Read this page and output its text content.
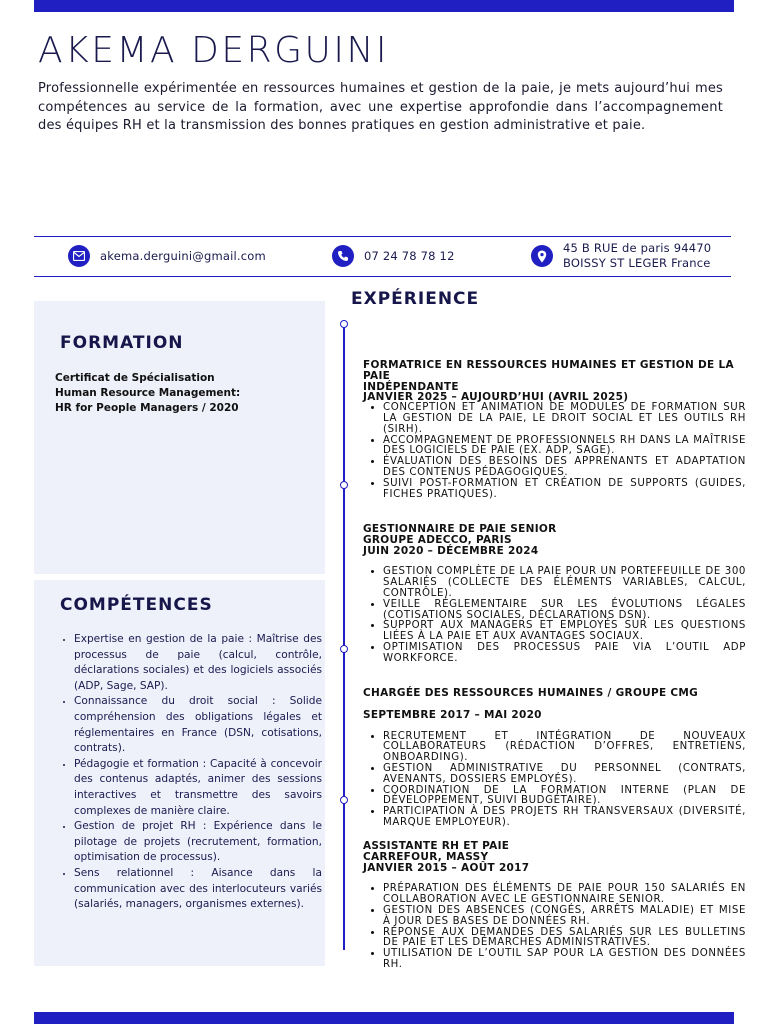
AKEMA DERGUINI

Professionnelle expérimentée en ressources humaines et gestion de la paie, je mets aujourd’hui mes compétences au service de la formation, avec une expertise approfondie dans l’accompagnement des équipes RH et la transmission des bonnes pratiques en gestion administrative et paie.

akema.derguini@gmail.com	07 24 78 78 12
45 B RUE de paris 94470
BOISSY ST LEGER France
FORMATION
Certificat de Spécialisation
Human Resource Management:
HR for People Managers / 2020
COMPÉTENCES
• Expertise en gestion de la paie : Maîtrise des processus de paie (calcul, contrôle, déclarations sociales) et des logiciels associés (ADP, Sage, SAP).
• Connaissance du droit social : Solide compréhension des obligations légales et réglementaires en France (DSN, cotisations, contrats).
• Pédagogie et formation : Capacité à concevoir des contenus adaptés, animer des sessions interactives et transmettre des savoirs complexes de manière claire.
• Gestion de projet RH : Expérience dans le pilotage de projets (recrutement, formation, optimisation de processus).
• Sens relationnel : Aisance dans la communication avec des interlocuteurs variés (salariés, managers, organismes externes).
EXPÉRIENCE
FORMATRICE EN RESSOURCES HUMAINES ET GESTION DE LA PAIE
INDÉPENDANTE
JANVIER 2025 – AUJOURD’HUI (AVRIL 2025)
• CONCEPTION ET ANIMATION DE MODULES DE FORMATION SUR LA GESTION DE LA PAIE, LE DROIT SOCIAL ET LES OUTILS RH (SIRH).
• ACCOMPAGNEMENT DE PROFESSIONNELS RH DANS LA MAÎTRISE DES LOGICIELS DE PAIE (EX. ADP, SAGE).
• ÉVALUATION DES BESOINS DES APPRENANTS ET ADAPTATION DES CONTENUS PÉDAGOGIQUES.
• SUIVI POST-FORMATION ET CRÉATION DE SUPPORTS (GUIDES, FICHES PRATIQUES).
GESTIONNAIRE DE PAIE SENIOR
GROUPE ADECCO, PARIS
JUIN 2020 – DÉCEMBRE 2024
• GESTION COMPLÈTE DE LA PAIE POUR UN PORTEFEUILLE DE 300 SALARIÉS (COLLECTE DES ÉLÉMENTS VARIABLES, CALCUL, CONTRÔLE).
• VEILLE RÉGLEMENTAIRE SUR LES ÉVOLUTIONS LÉGALES (COTISATIONS SOCIALES, DÉCLARATIONS DSN).
• SUPPORT AUX MANAGERS ET EMPLOYÉS SUR LES QUESTIONS LIÉES À LA PAIE ET AUX AVANTAGES SOCIAUX.
• OPTIMISATION DES PROCESSUS PAIE VIA L’OUTIL ADP WORKFORCE.
CHARGÉE DES RESSOURCES HUMAINES / GROUPE CMG
SEPTEMBRE 2017 – MAI 2020
• RECRUTEMENT ET INTÉGRATION DE NOUVEAUX COLLABORATEURS (RÉDACTION D’OFFRES, ENTRETIENS, ONBOARDING).
• GESTION ADMINISTRATIVE DU PERSONNEL (CONTRATS, AVENANTS, DOSSIERS EMPLOYÉS).
• COORDINATION DE LA FORMATION INTERNE (PLAN DE DÉVELOPPEMENT, SUIVI BUDGÉTAIRE).
• PARTICIPATION À DES PROJETS RH TRANSVERSAUX (DIVERSITÉ, MARQUE EMPLOYEUR).
ASSISTANTE RH ET PAIE
CARREFOUR, MASSY
JANVIER 2015 – AOÛT 2017
• PRÉPARATION DES ÉLÉMENTS DE PAIE POUR 150 SALARIÉS EN COLLABORATION AVEC LE GESTIONNAIRE SENIOR.
• GESTION DES ABSENCES (CONGÉS, ARRÊTS MALADIE) ET MISE À JOUR DES BASES DE DONNÉES RH.
• RÉPONSE AUX DEMANDES DES SALARIÉS SUR LES BULLETINS DE PAIE ET LES DÉMARCHES ADMINISTRATIVES.
• UTILISATION DE L’OUTIL SAP POUR LA GESTION DES DONNÉES RH.
